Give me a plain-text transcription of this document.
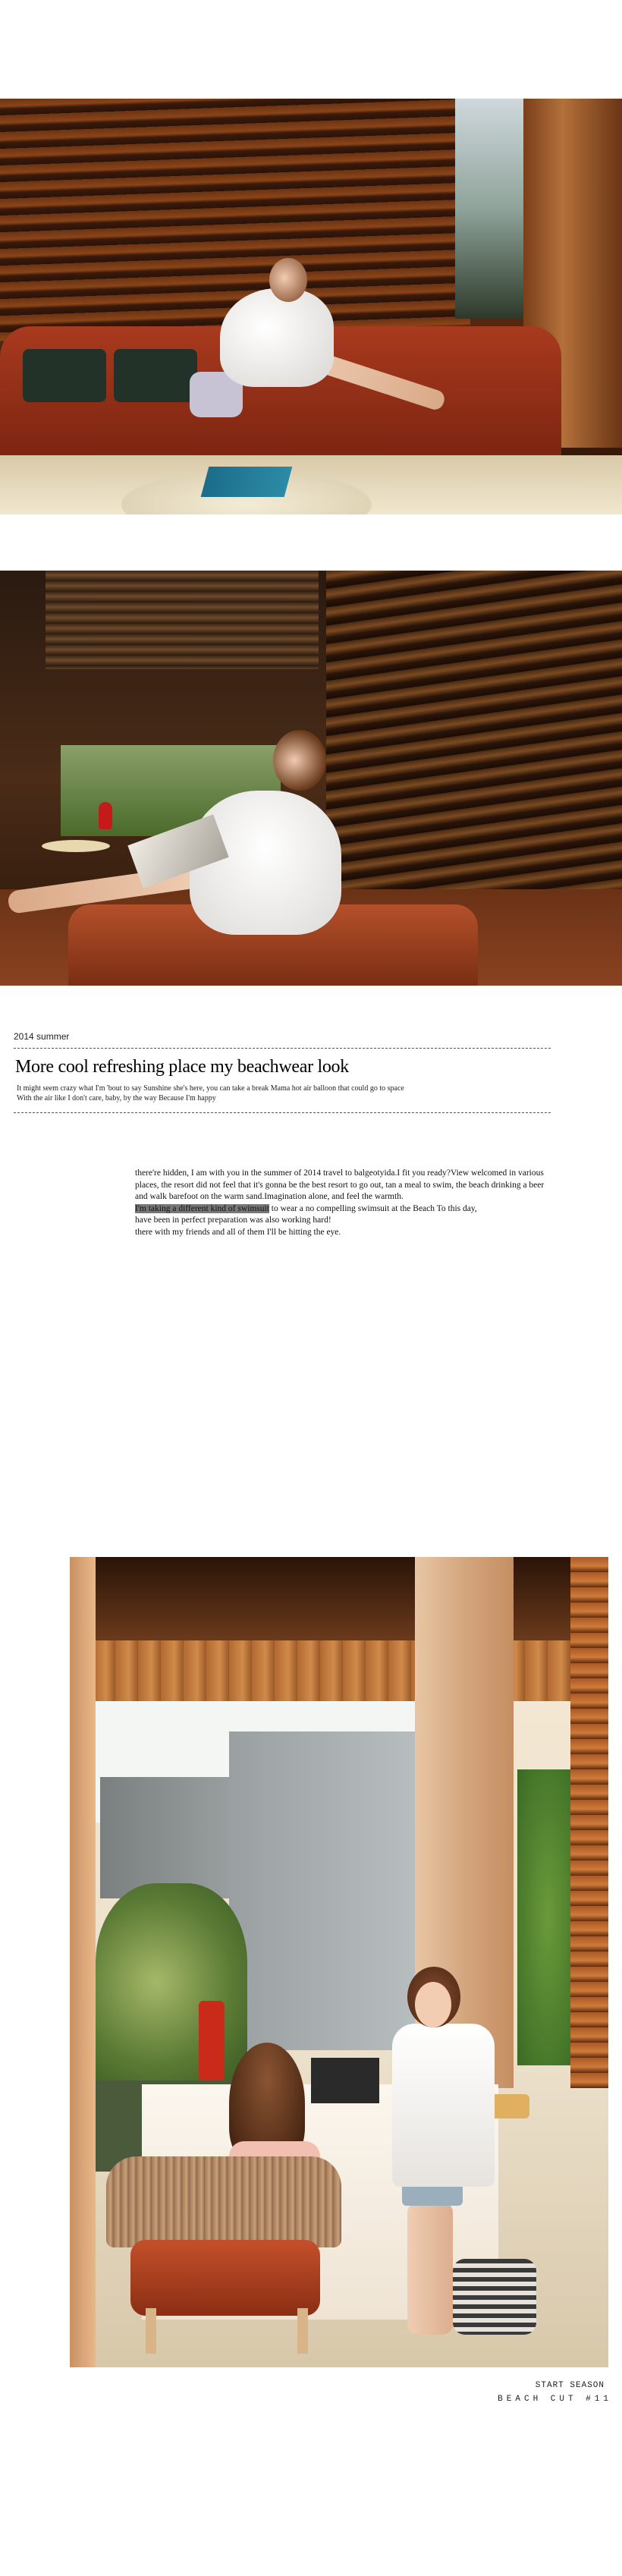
2014 summer
More cool refreshing place my beachwear look
It might seem crazy what I'm 'bout to say Sunshine she's here, you can take a break Mama hot air balloon that could go to space
With the air like I don't care, baby, by the way Because I'm happy
there're hidden, I am with you in the summer of 2014 travel to balgeotyida.I fit you ready?View welcomed in various
places, the resort did not feel that it's gonna be the best resort to go out, tan a meal to swim, the beach drinking a beer
and walk barefoot on the warm sand.Imagination alone, and feel the warmth.
I'm taking a different kind of swimsuit to wear a no compelling swimsuit at the Beach To this day,
have been in perfect preparation was also working hard!
there with my friends and all of them I'll be hitting the eye.
START SEASON
BEACH CUT #11
